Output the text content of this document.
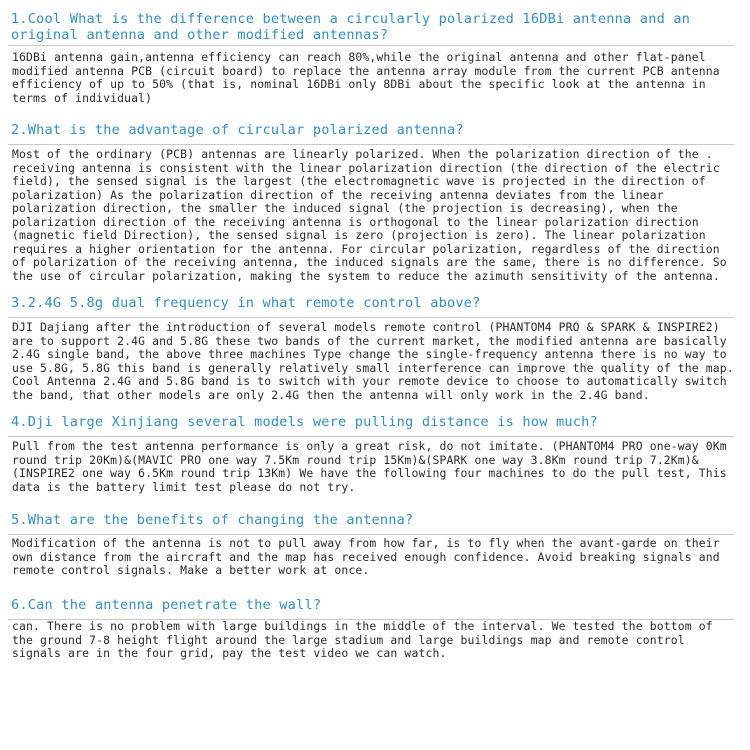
1.Cool What is the difference between a circularly polarized 16DBi antenna and an original antenna and other modified antennas?

16DBi antenna gain,antenna efficiency can reach 80%,while the original antenna and other flat-panel modified antenna PCB (circuit board) to replace the antenna array module from the current PCB antenna efficiency of up to 50% (that is, nominal 16DBi only 8DBi about the specific look at the antenna in terms of individual)

2.What is the advantage of circular polarized antenna?

Most of the ordinary (PCB) antennas are linearly polarized. When the polarization direction of the . receiving antenna is consistent with the linear polarization direction (the direction of the electric field), the sensed signal is the largest (the electromagnetic wave is projected in the direction of polarization) As the polarization direction of the receiving antenna deviates from the linear polarization direction, the smaller the induced signal (the projection is decreasing), when the polarization direction of the receiving antenna is orthogonal to the linear polarization direction (magnetic field Direction), the sensed signal is zero (projection is zero). The linear polarization requires a higher orientation for the antenna. For circular polarization, regardless of the direction of polarization of the receiving antenna, the induced signals are the same, there is no difference. So the use of circular polarization, making the system to reduce the azimuth sensitivity of the antenna.

3.2.4G 5.8g dual frequency in what remote control above?

DJI Dajiang after the introduction of several models remote control (PHANTOM4 PRO & SPARK & INSPIRE2) are to support 2.4G and 5.8G these two bands of the current market, the modified antenna are basically 2.4G single band, the above three machines Type change the single-frequency antenna there is no way to use 5.8G, 5.8G this band is generally relatively small interference can improve the quality of the map. Cool Antenna 2.4G and 5.8G band is to switch with your remote device to choose to automatically switch the band, that other models are only 2.4G then the antenna will only work in the 2.4G band.

4.Dji large Xinjiang several models were pulling distance is how much?

Pull from the test antenna performance is only a great risk, do not imitate. (PHANTOM4 PRO one-way 0Km round trip 20Km)&(MAVIC PRO one way 7.5Km round trip 15Km)&(SPARK one way 3.8Km round trip 7.2Km)&(INSPIRE2 one way 6.5Km round trip 13Km) We have the following four machines to do the pull test, This data is the battery limit test please do not try.

5.What are the benefits of changing the antenna?

Modification of the antenna is not to pull away from how far, is to fly when the avant-garde on their own distance from the aircraft and the map has received enough confidence. Avoid breaking signals and remote control signals. Make a better work at once.

6.Can the antenna penetrate the wall?

can. There is no problem with large buildings in the middle of the interval. We tested the bottom of the ground 7-8 height flight around the large stadium and large buildings map and remote control signals are in the four grid, pay the test video we can watch.
